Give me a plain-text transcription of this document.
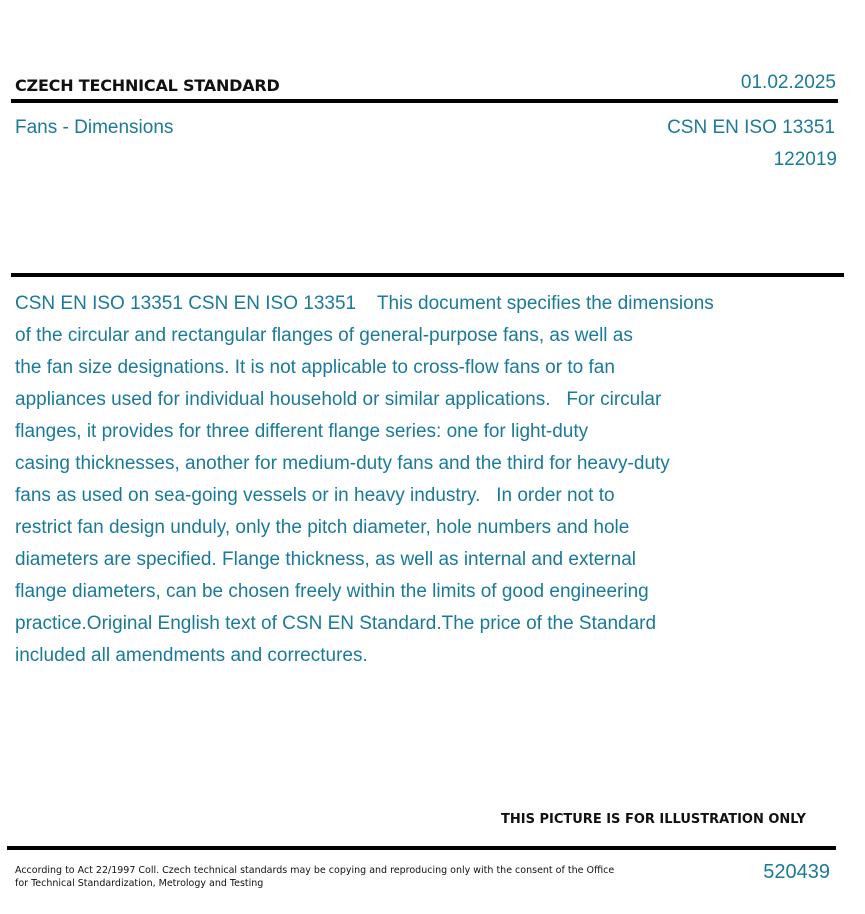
CZECH TECHNICAL STANDARD	01.02.2025
Fans - Dimensions	CSN EN ISO 13351
122019
CSN EN ISO 13351 CSN EN ISO 13351    This document specifies the dimensions
of the circular and rectangular flanges of general-purpose fans, as well as
the fan size designations. It is not applicable to cross-flow fans or to fan
appliances used for individual household or similar applications.   For circular
flanges, it provides for three different flange series: one for light-duty
casing thicknesses, another for medium-duty fans and the third for heavy-duty
fans as used on sea-going vessels or in heavy industry.   In order not to
restrict fan design unduly, only the pitch diameter, hole numbers and hole
diameters are specified. Flange thickness, as well as internal and external
flange diameters, can be chosen freely within the limits of good engineering
practice.Original English text of CSN EN Standard.The price of the Standard
included all amendments and correctures.
THIS PICTURE IS FOR ILLUSTRATION ONLY
According to Act 22/1997 Coll. Czech technical standards may be copying and reproducing only with the consent of the Office
for Technical Standardization, Metrology and Testing
520439
